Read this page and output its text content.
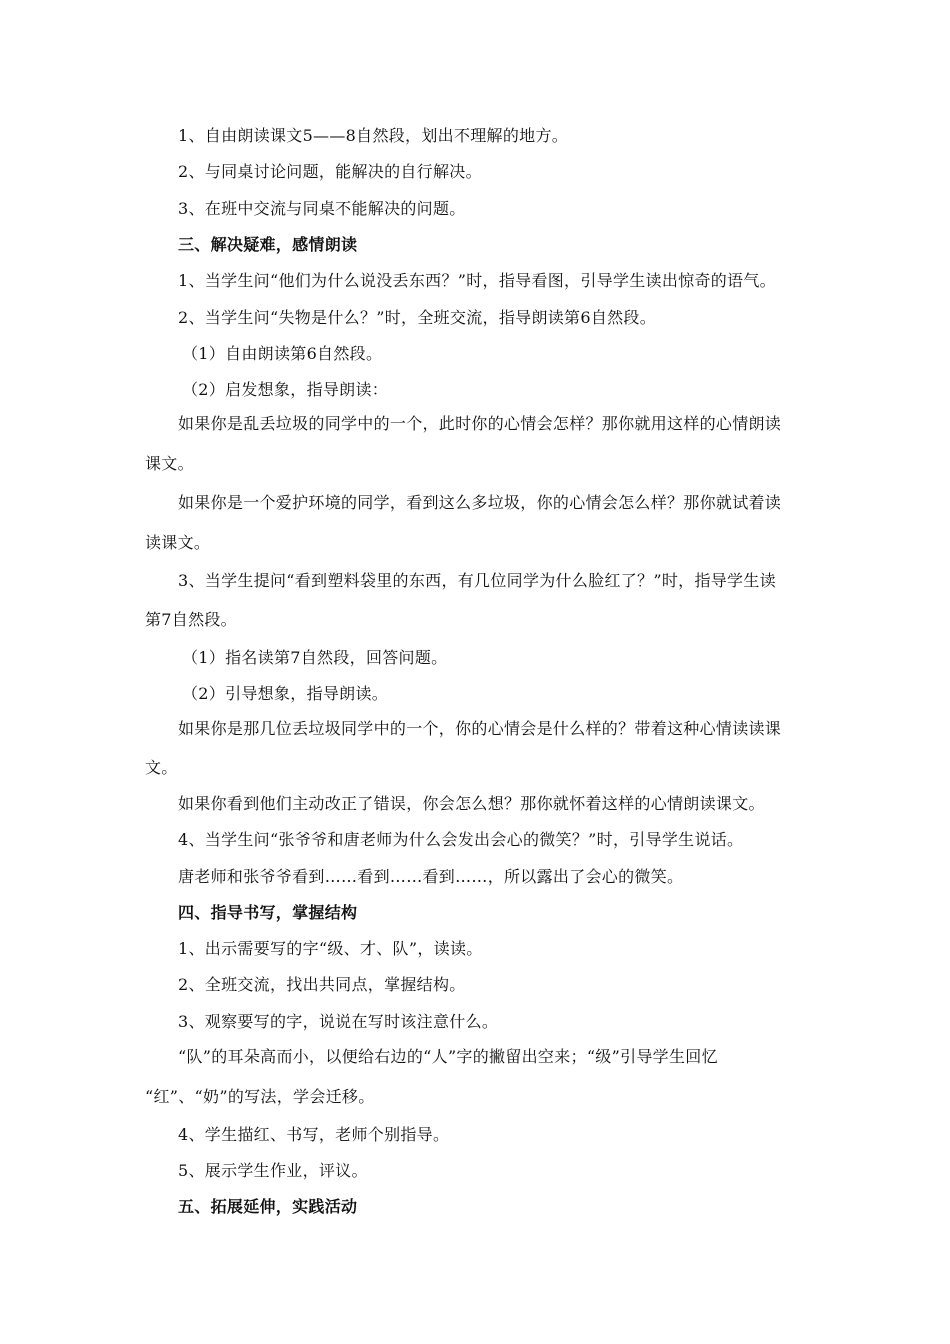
1、自由朗读课文5——8自然段，划出不理解的地方。
2、与同桌讨论问题，能解决的自行解决。
3、在班中交流与同桌不能解决的问题。
三、解决疑难，感情朗读
1、当学生问“他们为什么说没丢东西？”时，指导看图，引导学生读出惊奇的语气。
2、当学生问“失物是什么？”时，全班交流，指导朗读第6自然段。
（1）自由朗读第6自然段。
（2）启发想象，指导朗读：
如果你是乱丢垃圾的同学中的一个，此时你的心情会怎样？那你就用这样的心情朗读
课文。
如果你是一个爱护环境的同学，看到这么多垃圾，你的心情会怎么样？那你就试着读
读课文。
3、当学生提问“看到塑料袋里的东西，有几位同学为什么脸红了？”时，指导学生读
第7自然段。
（1）指名读第7自然段，回答问题。
（2）引导想象，指导朗读。
如果你是那几位丢垃圾同学中的一个，你的心情会是什么样的？带着这种心情读读课
文。
如果你看到他们主动改正了错误，你会怎么想？那你就怀着这样的心情朗读课文。
4、当学生问“张爷爷和唐老师为什么会发出会心的微笑？”时，引导学生说话。
唐老师和张爷爷看到……看到……看到……，所以露出了会心的微笑。
四、指导书写，掌握结构
1、出示需要写的字“级、才、队”，读读。
2、全班交流，找出共同点，掌握结构。
3、观察要写的字，说说在写时该注意什么。
“队”的耳朵高而小，以便给右边的“人”字的撇留出空来；“级”引导学生回忆
“红”、“奶”的写法，学会迁移。
4、学生描红、书写，老师个别指导。
5、展示学生作业，评议。
五、拓展延伸，实践活动
